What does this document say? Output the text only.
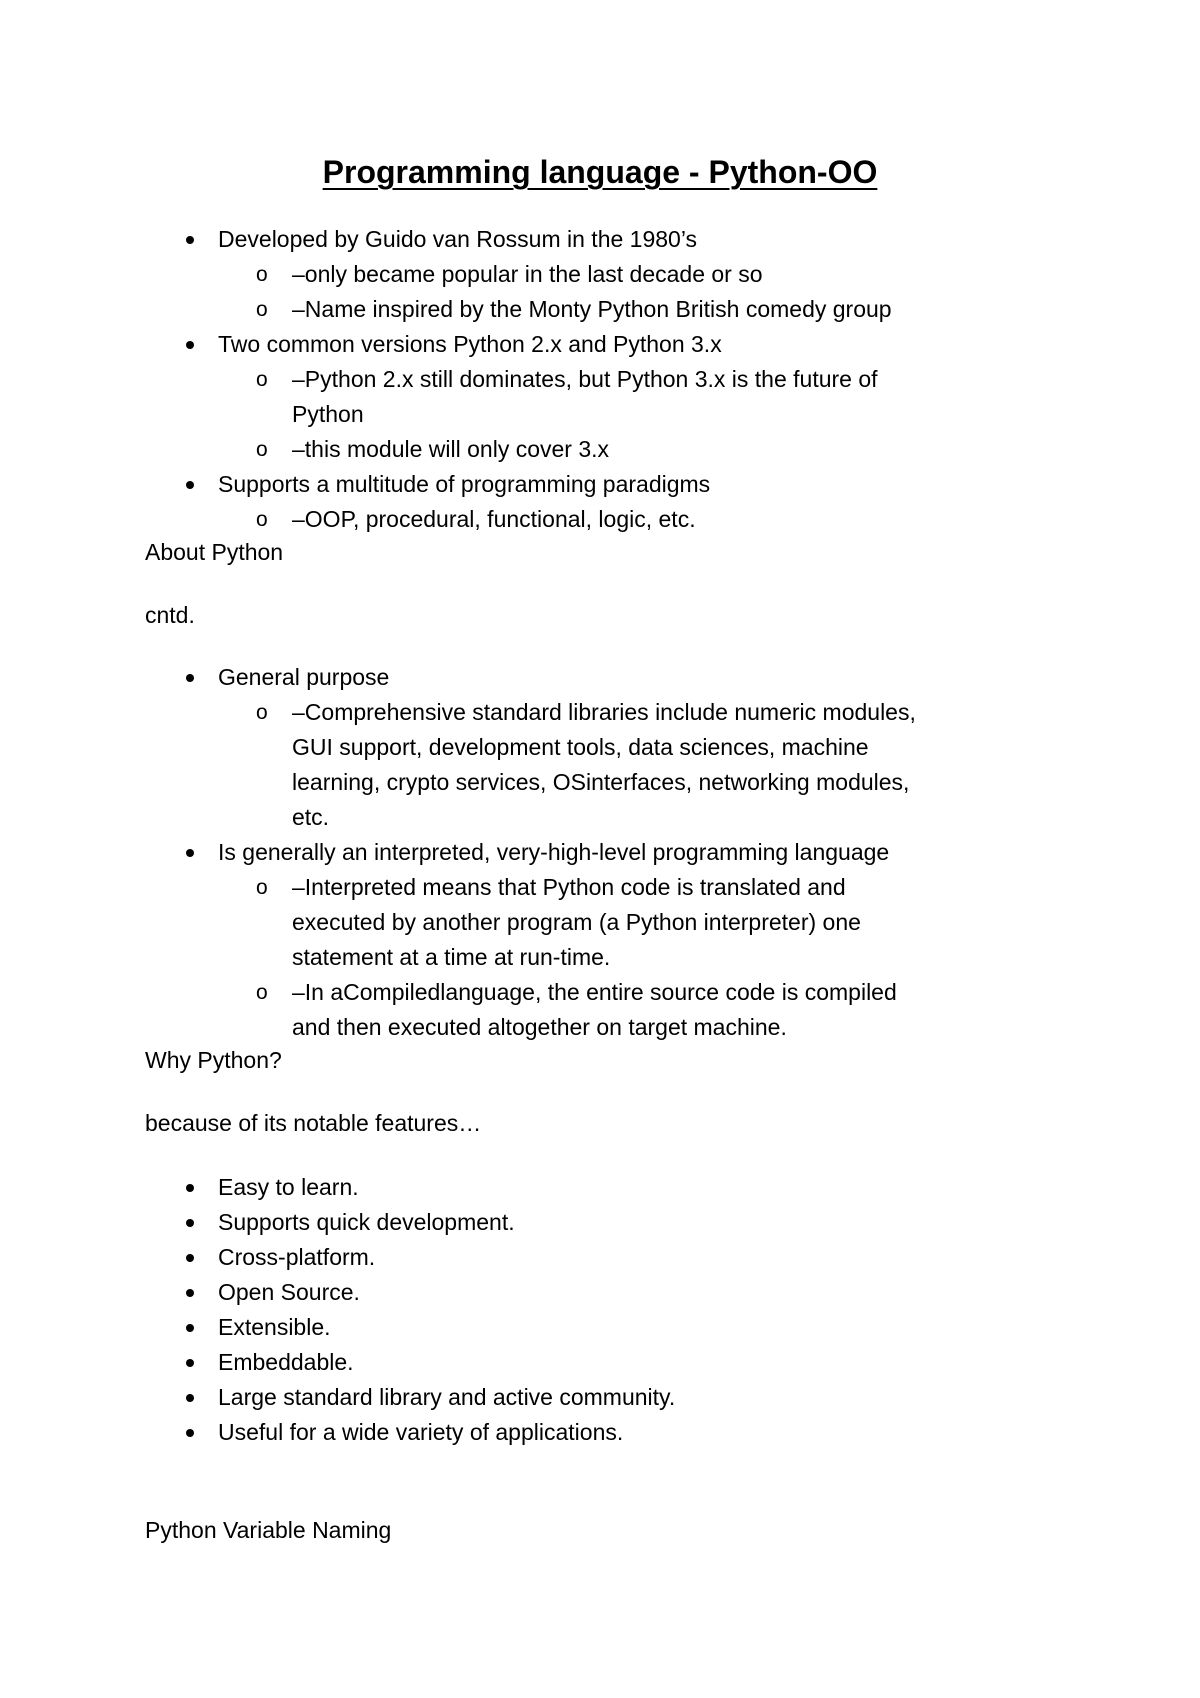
Programming language - Python-OO
Developed by Guido van Rossum in the 1980’s
o –only became popular in the last decade or so
o –Name inspired by the Monty Python British comedy group
Two common versions Python 2.x and Python 3.x
o –Python 2.x still dominates, but Python 3.x is the future of Python
o –this module will only cover 3.x
Supports a multitude of programming paradigms
o –OOP, procedural, functional, logic, etc.

About Python

cntd.

General purpose
o –Comprehensive standard libraries include numeric modules, GUI support, development tools, data sciences, machine learning, crypto services, OSinterfaces, networking modules, etc.
Is generally an interpreted, very-high-level programming language
o –Interpreted means that Python code is translated and executed by another program (a Python interpreter) one statement at a time at run-time.
o –In aCompiledlanguage, the entire source code is compiled and then executed altogether on target machine.

Why Python?

because of its notable features…

Easy to learn.
Supports quick development.
Cross-platform.
Open Source.
Extensible.
Embeddable.
Large standard library and active community.
Useful for a wide variety of applications.

Python Variable Naming
